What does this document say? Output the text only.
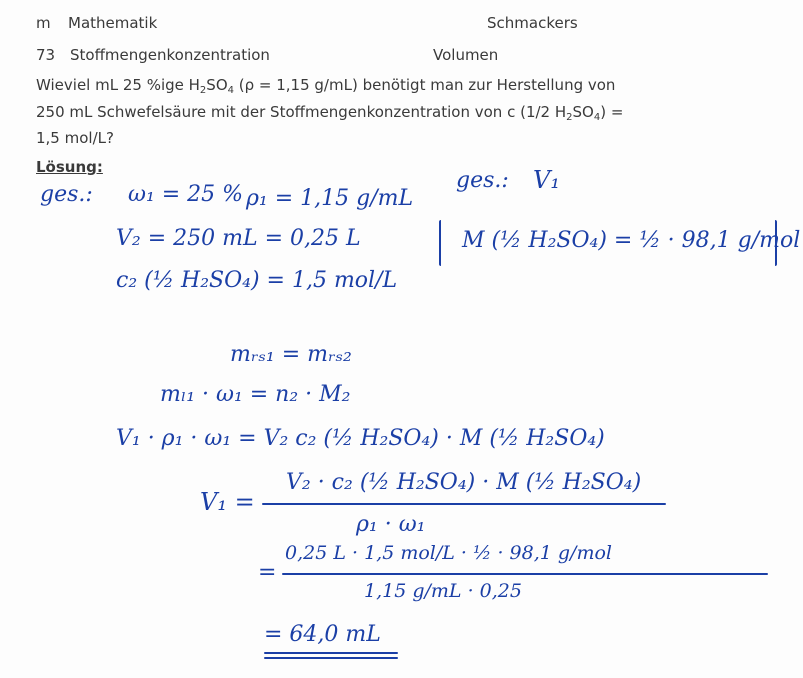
m Mathematik	Schmackers
73 Stoffmengenkonzentration	Volumen
Wieviel mL 25 %ige $H_2SO_4$ (ρ = 1,15 g/mL) benötigt man zur Herstellung von
250 mL Schwefelsäure mit der Stoffmengenkonzentration von c (1/2 $H_2SO_4$) =
1,5 mol/L?
Lösung:
ges.: ω₁ = 25 % ρ₁ = 1,15 g/mL
V₂ = 250 mL = 0,25 L
c₂ (½ H₂SO₄) = 1,5 mol/L
ges.: V₁
M (½ H₂SO₄) = ½ · 98,1 g/mol
mᵣₛ₁ = mᵣₛ₂
mₗ₁ · ω₁ = n₂ · M₂
V₁ · ρ₁ · ω₁ = V₂ c₂ (½ H₂SO₄) · M (½ H₂SO₄)
V₁ =
V₂ · c₂ (½ H₂SO₄) · M (½ H₂SO₄)
ρ₁ · ω₁
=
0,25 L · 1,5 mol/L · ½ · 98,1 g/mol
1,15 g/mL · 0,25
= 64,0 mL
